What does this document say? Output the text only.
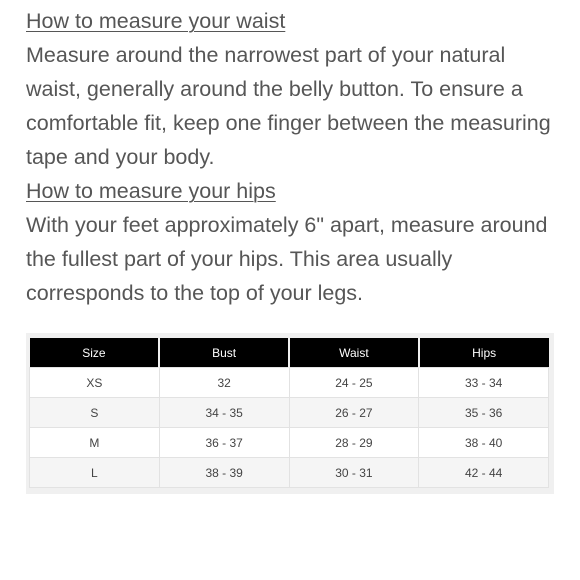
How to measure your waist
Measure around the narrowest part of your natural waist, generally around the belly button. To ensure a comfortable fit, keep one finger between the measuring tape and your body.
How to measure your hips
With your feet approximately 6" apart, measure around the fullest part of your hips. This area usually corresponds to the top of your legs.
Size	Bust	Waist	Hips
XS	32	24 - 25	33 - 34
S	34 - 35	26 - 27	35 - 36
M	36 - 37	28 - 29	38 - 40
L	38 - 39	30 - 31	42 - 44
